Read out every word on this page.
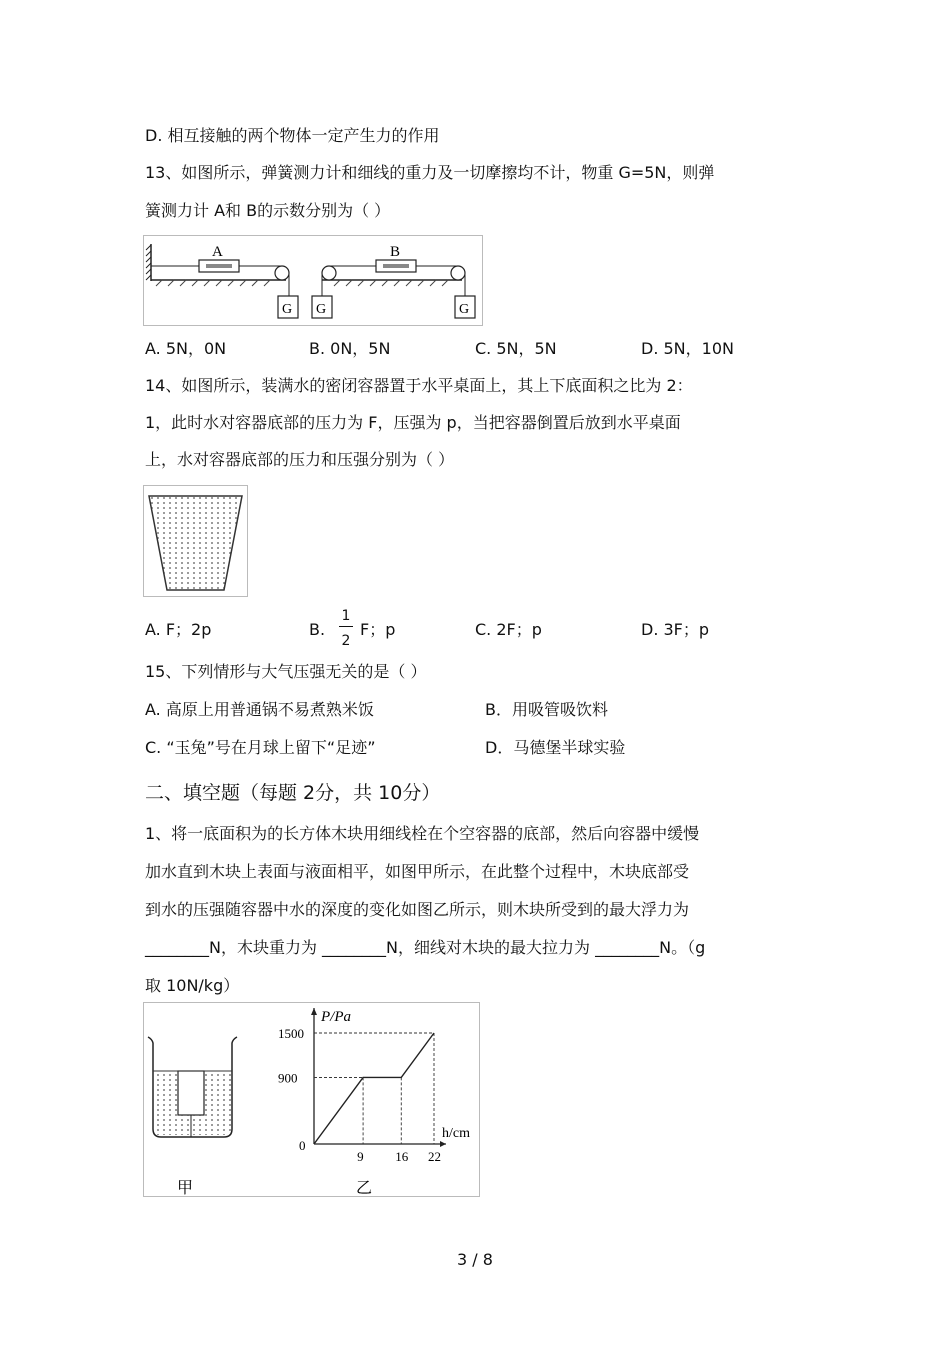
D. 相互接触的两个物体一定产生力的作用
13、如图所示，弹簧测力计和细线的重力及一切摩擦均不计，物重 G=5N，则弹
簧测力计 A和 B的示数分别为（ ）
A
G G
B
G
A. 5N，0N	B. 0N，5N	C. 5N，5N	D. 5N，10N
14、如图所示，装满水的密闭容器置于水平桌面上，其上下底面积之比为 2：
1，此时水对容器底部的压力为 F，压强为 p，当把容器倒置后放到水平桌面
上，水对容器底部的压力和压强分别为（ ）
A. F；2p	B.
1
2
F；p	C. 2F；p	D. 3F；p
15、下列情形与大气压强无关的是（ ）
A. 高原上用普通锅不易煮熟米饭	B．用吸管吸饮料
C. “玉兔”号在月球上留下“足迹”	D．马德堡半球实验
二、填空题（每题 2分，共 10分）
1、将一底面积为的长方体木块用细线栓在个空容器的底部，然后向容器中缓慢
加水直到木块上表面与液面相平，如图甲所示，在此整个过程中，木块底部受
到水的压强随容器中水的深度的变化如图乙所示，则木块所受到的最大浮力为
________N，木块重力为 ________N，细线对木块的最大拉力为 ________N。（g
取 10N/kg）
甲	乙
P/Pa
h/cm
0
9 16 22
1500
900
3 / 8
